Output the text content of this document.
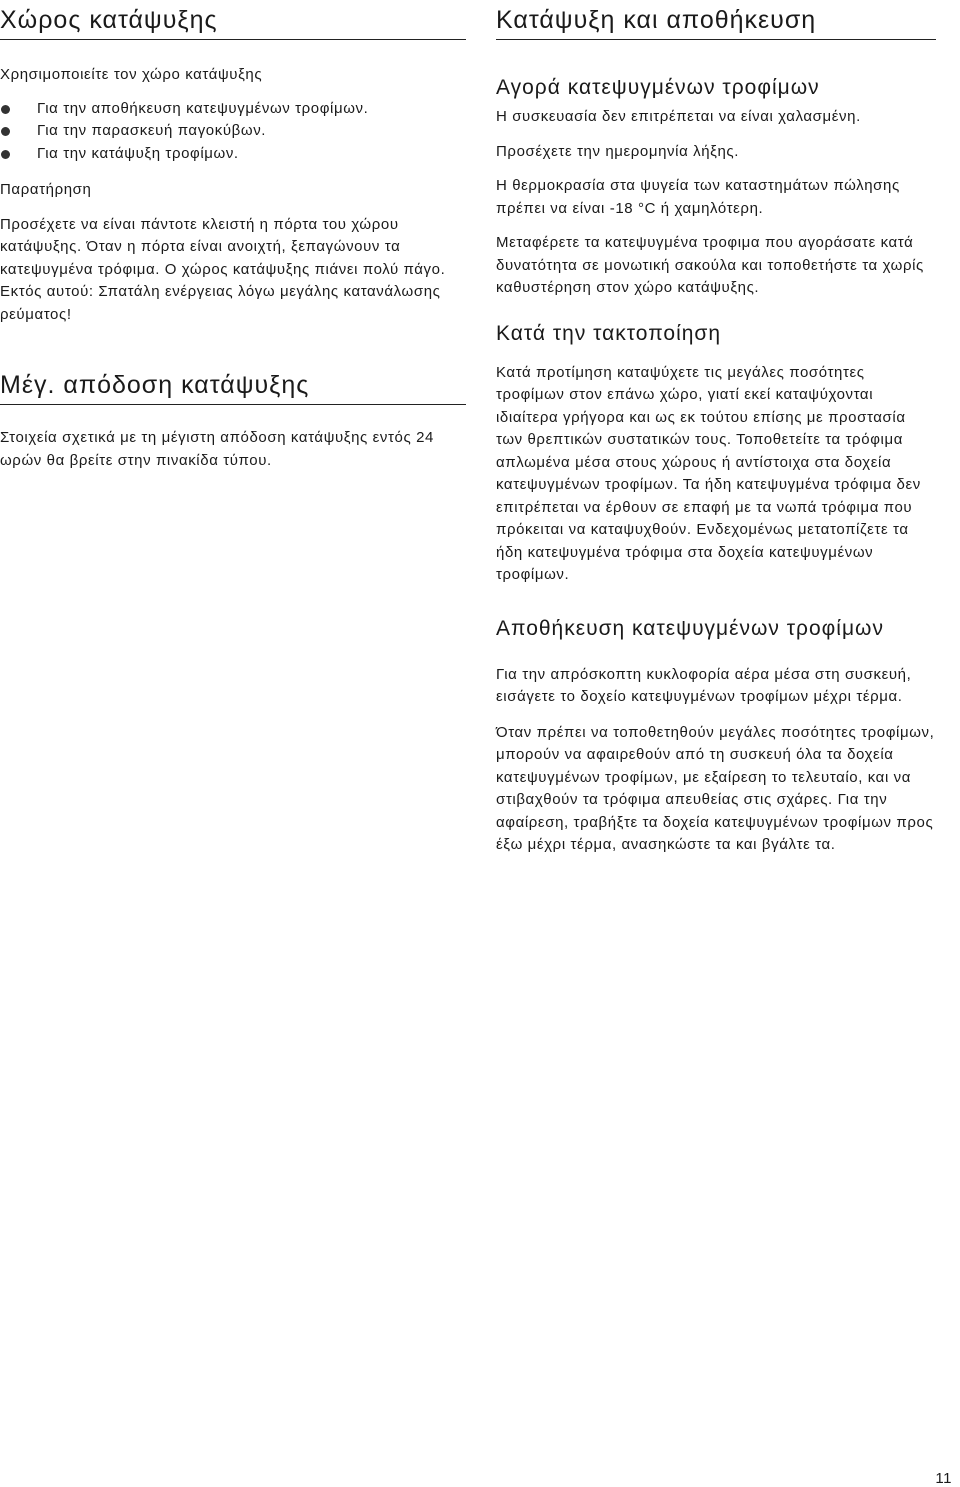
Χώρος κατάψυξης

Χρησιμοποιείτε τον χώρο κατάψυξης

Για την αποθήκευση κατεψυγμένων τροφίμων.
Για την παρασκευή παγοκύβων.
Για την κατάψυξη τροφίμων.

Παρατήρηση

Προσέχετε να είναι πάντοτε κλειστή η πόρτα του χώρου κατάψυξης. Όταν η πόρτα είναι ανοιχτή, ξεπαγώνουν τα κατεψυγμένα τρόφιμα. Ο χώρος κατάψυξης πιάνει πολύ πάγο. Εκτός αυτού: Σπατάλη ενέργειας λόγω μεγάλης κατανάλωσης ρεύματος!

Μέγ. απόδοση κατάψυξης

Στοιχεία σχετικά με τη μέγιστη απόδοση κατάψυξης εντός 24 ωρών θα βρείτε στην πινακίδα τύπου.

Κατάψυξη και αποθήκευση
Αγορά κατεψυγμένων τροφίμων

Η συσκευασία δεν επιτρέπεται να είναι χαλασμένη.

Προσέχετε την ημερομηνία λήξης.

Η θερμοκρασία στα ψυγεία των καταστημάτων πώλησης πρέπει να είναι -18 °C ή χαμηλότερη.

Μεταφέρετε τα κατεψυγμένα τροφιμα που αγοράσατε κατά δυνατότητα σε μονωτική σακούλα και τοποθετήστε τα χωρίς καθυστέρηση στον χώρο κατάψυξης.

Κατά την τακτοποίηση

Κατά προτίμηση καταψύχετε τις μεγάλες ποσότητες τροφίμων στον επάνω χώρο, γιατί εκεί καταψύχονται ιδιαίτερα γρήγορα και ως εκ τούτου επίσης με προστασία των θρεπτικών συστατικών τους. Τοποθετείτε τα τρόφιμα απλωμένα μέσα στους χώρους ή αντίστοιχα στα δοχεία κατεψυγμένων τροφίμων. Τα ήδη κατεψυγμένα τρόφιμα δεν επιτρέπεται να έρθουν σε επαφή με τα νωπά τρόφιμα που πρόκειται να καταψυχθούν. Ενδεχομένως μετατοπίζετε τα ήδη κατεψυγμένα τρόφιμα στα δοχεία κατεψυγμένων τροφίμων.

Αποθήκευση κατεψυγμένων τροφίμων

Για την απρόσκοπτη κυκλοφορία αέρα μέσα στη συσκευή, εισάγετε το δοχείο κατεψυγμένων τροφίμων μέχρι τέρμα.

Όταν πρέπει να τοποθετηθούν μεγάλες ποσότητες τροφίμων, μπορούν να αφαιρεθούν από τη συσκευή όλα τα δοχεία κατεψυγμένων τροφίμων, με εξαίρεση το τελευταίο, και να στιβαχθούν τα τρόφιμα απευθείας στις σχάρες. Για την αφαίρεση, τραβήξτε τα δοχεία κατεψυγμένων τροφίμων προς έξω μέχρι τέρμα, ανασηκώστε τα και βγάλτε τα.

11
